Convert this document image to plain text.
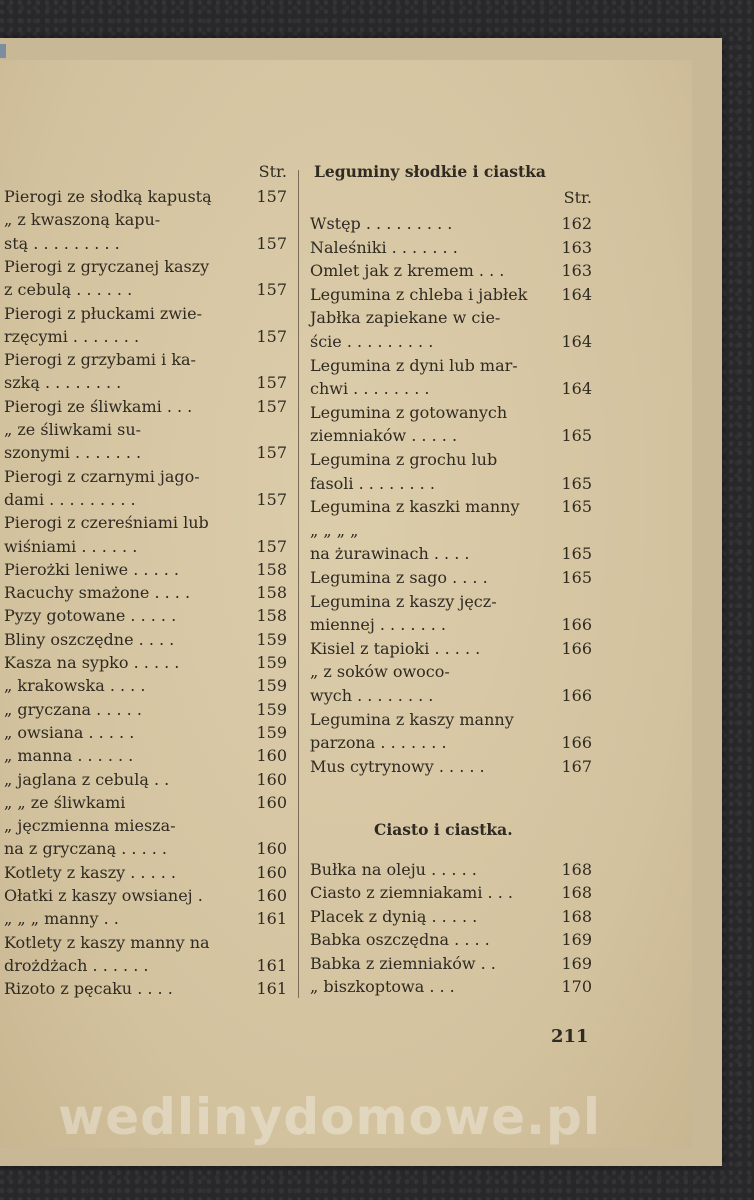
Str.
Pierogi ze słodką kapustą	157
„ z kwaszoną kapu-
stą . . . . . . . . .	157
Pierogi z gryczanej kaszy
z cebulą . . . . . .	157
Pierogi z płuckami zwie-
rzęcymi . . . . . . .	157
Pierogi z grzybami i ka-
szką . . . . . . . .	157
Pierogi ze śliwkami . . .	157
„ ze śliwkami su-
szonymi . . . . . . .	157
Pierogi z czarnymi jago-
dami . . . . . . . . .	157
Pierogi z czereśniami lub
wiśniami . . . . . .	157
Pierożki leniwe . . . . .	158
Racuchy smażone . . . .	158
Pyzy gotowane . . . . .	158
Bliny oszczędne . . . .	159
Kasza na sypko . . . . .	159
„ krakowska . . . .	159
„ gryczana . . . . .	159
„ owsiana . . . . .	159
„ manna . . . . . .	160
„ jaglana z cebulą . .	160
„ „ ze śliwkami	160
„ jęczmienna miesza-
na z gryczaną . . . . .	160
Kotlety z kaszy . . . . .	160
Ołatki z kaszy owsianej .	160
„ „ „ manny . .	161
Kotlety z kaszy manny na
drożdżach . . . . . .	161
Rizoto z pęcaku . . . .	161
Leguminy słodkie i ciastka
Str.
Ciasto i ciastka.
Wstęp . . . . . . . . .	162
Naleśniki . . . . . . .	163
Omlet jak z kremem . . .	163
Legumina z chleba i jabłek 164
Jabłka zapiekane w cie-
ście . . . . . . . . .	164
Legumina z dyni lub mar-
chwi . . . . . . . .	164
Legumina z gotowanych
ziemniaków . . . . .	165
Legumina z grochu lub
fasoli . . . . . . . .	165
Legumina z kaszki manny	165
„ „ „ „
na żurawinach . . . .	165
Legumina z sago . . . .	165
Legumina z kaszy jęcz-
miennej . . . . . . .	166
Kisiel z tapioki . . . . .	166
„ z soków owoco-
wych . . . . . . . .	166
Legumina z kaszy manny
parzona . . . . . . .	166
Mus cytrynowy . . . . .	167
Bułka na oleju . . . . .	168
Ciasto z ziemniakami . . .	168
Placek z dynią . . . . .	168
Babka oszczędna . . . .	169
Babka z ziemniaków . .	169
„ biszkoptowa . . .	170
211
wedlinydomowe.pl
